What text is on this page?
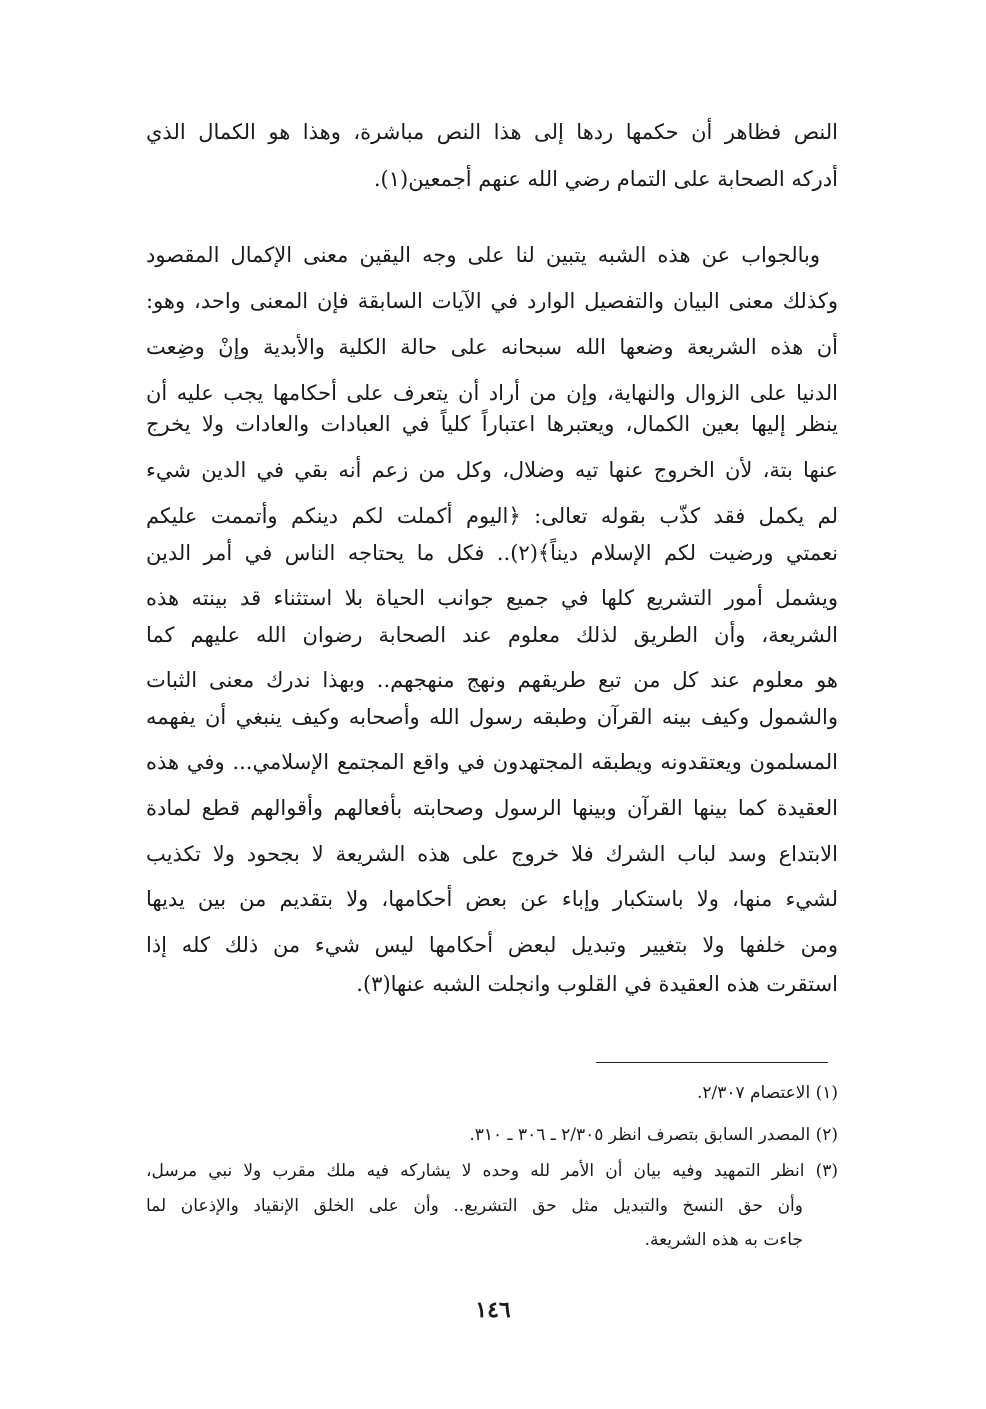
النص فظاهر أن حكمها ردها إلى هذا النص مباشرة، وهذا هو الكمال الذي
أدركه الصحابة على التمام رضي الله عنهم أجمعين(١).
وبالجواب عن هذه الشبه يتبين لنا على وجه اليقين معنى الإكمال المقصود
وكذلك معنى البيان والتفصيل الوارد في الآيات السابقة فإن المعنى واحد، وهو:
أن هذه الشريعة وضعها الله سبحانه على حالة الكلية والأبدية وإنْ وضِعت
الدنيا على الزوال والنهاية، وإن من أراد أن يتعرف على أحكامها يجب عليه أن
ينظر إليها بعين الكمال، ويعتبرها اعتباراً كلياً في العبادات والعادات ولا يخرج
عنها بتة، لأن الخروج عنها تيه وضلال، وكل من زعم أنه بقي في الدين شيء
لم يكمل فقد كذّب بقوله تعالى: ﴿اليوم أكملت لكم دينكم وأتممت عليكم
نعمتي ورضيت لكم الإسلام ديناً﴾(٢).. فكل ما يحتاجه الناس في أمر الدين
ويشمل أمور التشريع كلها في جميع جوانب الحياة بلا استثناء قد بينته هذه
الشريعة، وأن الطريق لذلك معلوم عند الصحابة رضوان الله عليهم كما
هو معلوم عند كل من تبع طريقهم ونهج منهجهم.. وبهذا ندرك معنى الثبات
والشمول وكيف بينه القرآن وطبقه رسول الله وأصحابه وكيف ينبغي أن يفهمه
المسلمون ويعتقدونه ويطبقه المجتهدون في واقع المجتمع الإسلامي... وفي هذه
العقيدة كما بينها القرآن وبينها الرسول وصحابته بأفعالهم وأقوالهم قطع لمادة
الابتداع وسد لباب الشرك فلا خروج على هذه الشريعة لا بجحود ولا تكذيب
لشيء منها، ولا باستكبار وإباء عن بعض أحكامها، ولا بتقديم من بين يديها
ومن خلفها ولا بتغيير وتبديل لبعض أحكامها ليس شيء من ذلك كله إذا
استقرت هذه العقيدة في القلوب وانجلت الشبه عنها(٣).
(١) الاعتصام ٢/٣٠٧.
(٢) المصدر السابق بتصرف انظر ٢/٣٠٥ ـ ٣٠٦ ـ ٣١٠.
(٣) انظر التمهيد وفيه بيان أن الأمر لله وحده لا يشاركه فيه ملك مقرب ولا نبي مرسل،
وأن حق النسخ والتبديل مثل حق التشريع.. وأن على الخلق الإنقياد والإذعان لما
جاءت به هذه الشريعة.
١٤٦
